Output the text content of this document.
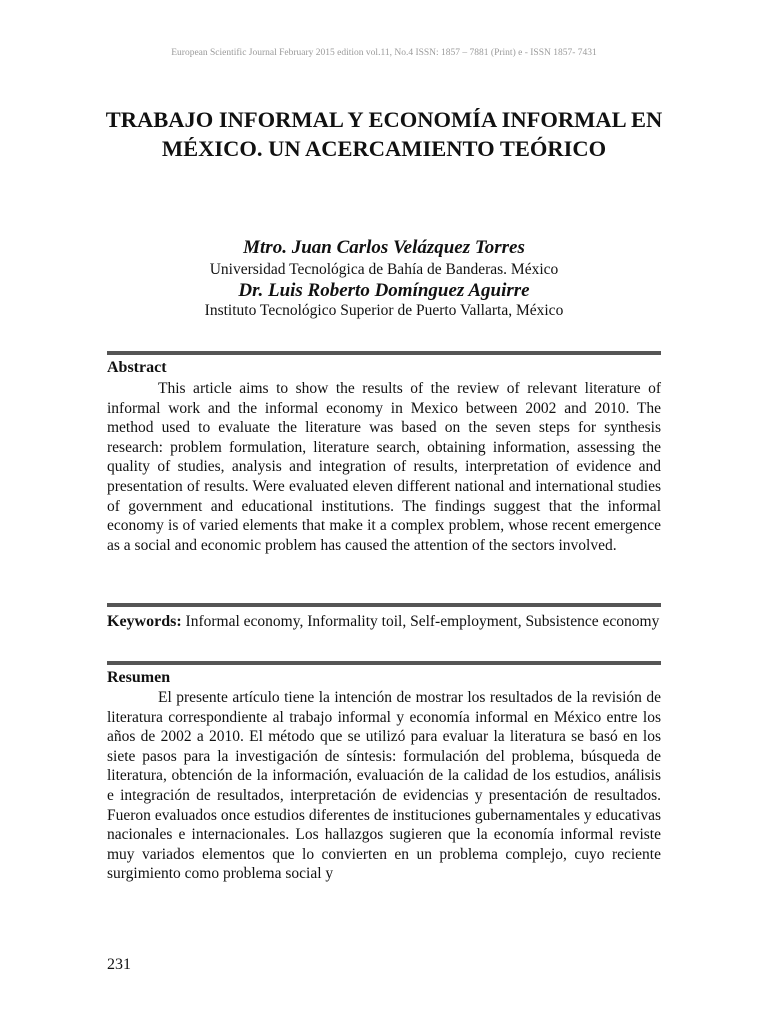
European Scientific Journal February 2015 edition vol.11, No.4 ISSN: 1857 – 7881 (Print) e - ISSN 1857- 7431
TRABAJO INFORMAL Y ECONOMÍA INFORMAL EN MÉXICO. UN ACERCAMIENTO TEÓRICO
Mtro. Juan Carlos Velázquez Torres
Universidad Tecnológica de Bahía de Banderas. México
Dr. Luis Roberto Domínguez Aguirre
Instituto Tecnológico Superior de Puerto Vallarta, México
Abstract
This article aims to show the results of the review of relevant literature of informal work and the informal economy in Mexico between 2002 and 2010. The method used to evaluate the literature was based on the seven steps for synthesis research: problem formulation, literature search, obtaining information, assessing the quality of studies, analysis and integration of results, interpretation of evidence and presentation of results. Were evaluated eleven different national and international studies of government and educational institutions. The findings suggest that the informal economy is of varied elements that make it a complex problem, whose recent emergence as a social and economic problem has caused the attention of the sectors involved.
Keywords: Informal economy, Informality toil, Self-employment, Subsistence economy
Resumen
El presente artículo tiene la intención de mostrar los resultados de la revisión de literatura correspondiente al trabajo informal y economía informal en México entre los años de 2002 a 2010. El método que se utilizó para evaluar la literatura se basó en los siete pasos para la investigación de síntesis: formulación del problema, búsqueda de literatura, obtención de la información, evaluación de la calidad de los estudios, análisis e integración de resultados, interpretación de evidencias y presentación de resultados. Fueron evaluados once estudios diferentes de instituciones gubernamentales y educativas nacionales e internacionales. Los hallazgos sugieren que la economía informal reviste muy variados elementos que lo convierten en un problema complejo, cuyo reciente surgimiento como problema social y
231
